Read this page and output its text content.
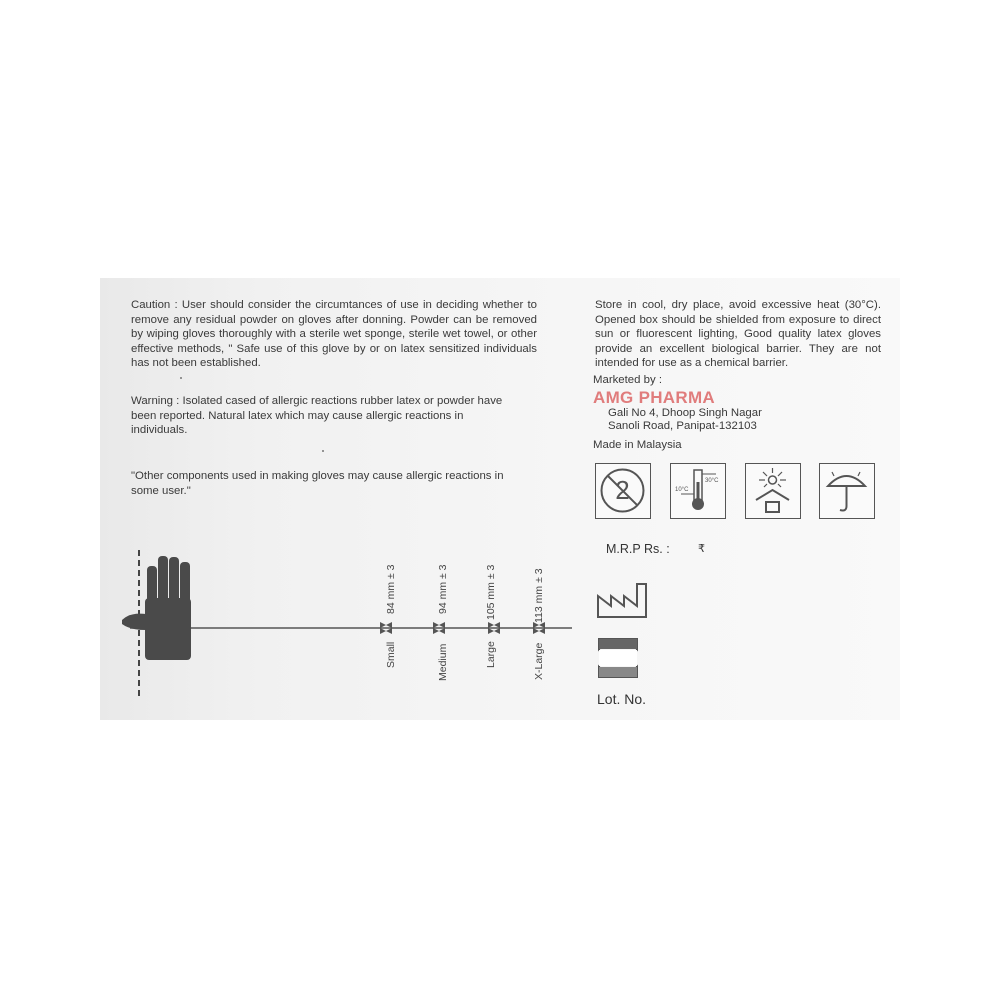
Caution : User should consider the circumtances of use in deciding whether to remove any residual powder on gloves after donning. Powder can be removed by wiping gloves thoroughly with a sterile wet sponge, sterile wet towel, or other effective methods, " Safe use of this glove by or on latex sensitized individuals has not been established.
Warning : Isolated cased of allergic reactions rubber latex or powder have been reported. Natural latex which may cause allergic reactions in individuals.
"Other components used in making gloves may cause allergic reactions in some user."
84 mm ± 3
Small
94 mm ± 3
Medium
105 mm ± 3
Large
113 mm ± 3
X-Large
Store in cool, dry place, avoid excessive heat (30°C). Opened box should be shielded from exposure to direct sun or fluorescent lighting, Good quality latex gloves provide an excellent biological barrier. They are not intended for use as a chemical barrier.
Marketed by :
AMG PHARMA
Gali No 4, Dhoop Singh Nagar
Sanoli Road, Panipat-132103
Made in Malaysia
2	30°C
10°C
M.R.P Rs. :	₹
Lot. No.
